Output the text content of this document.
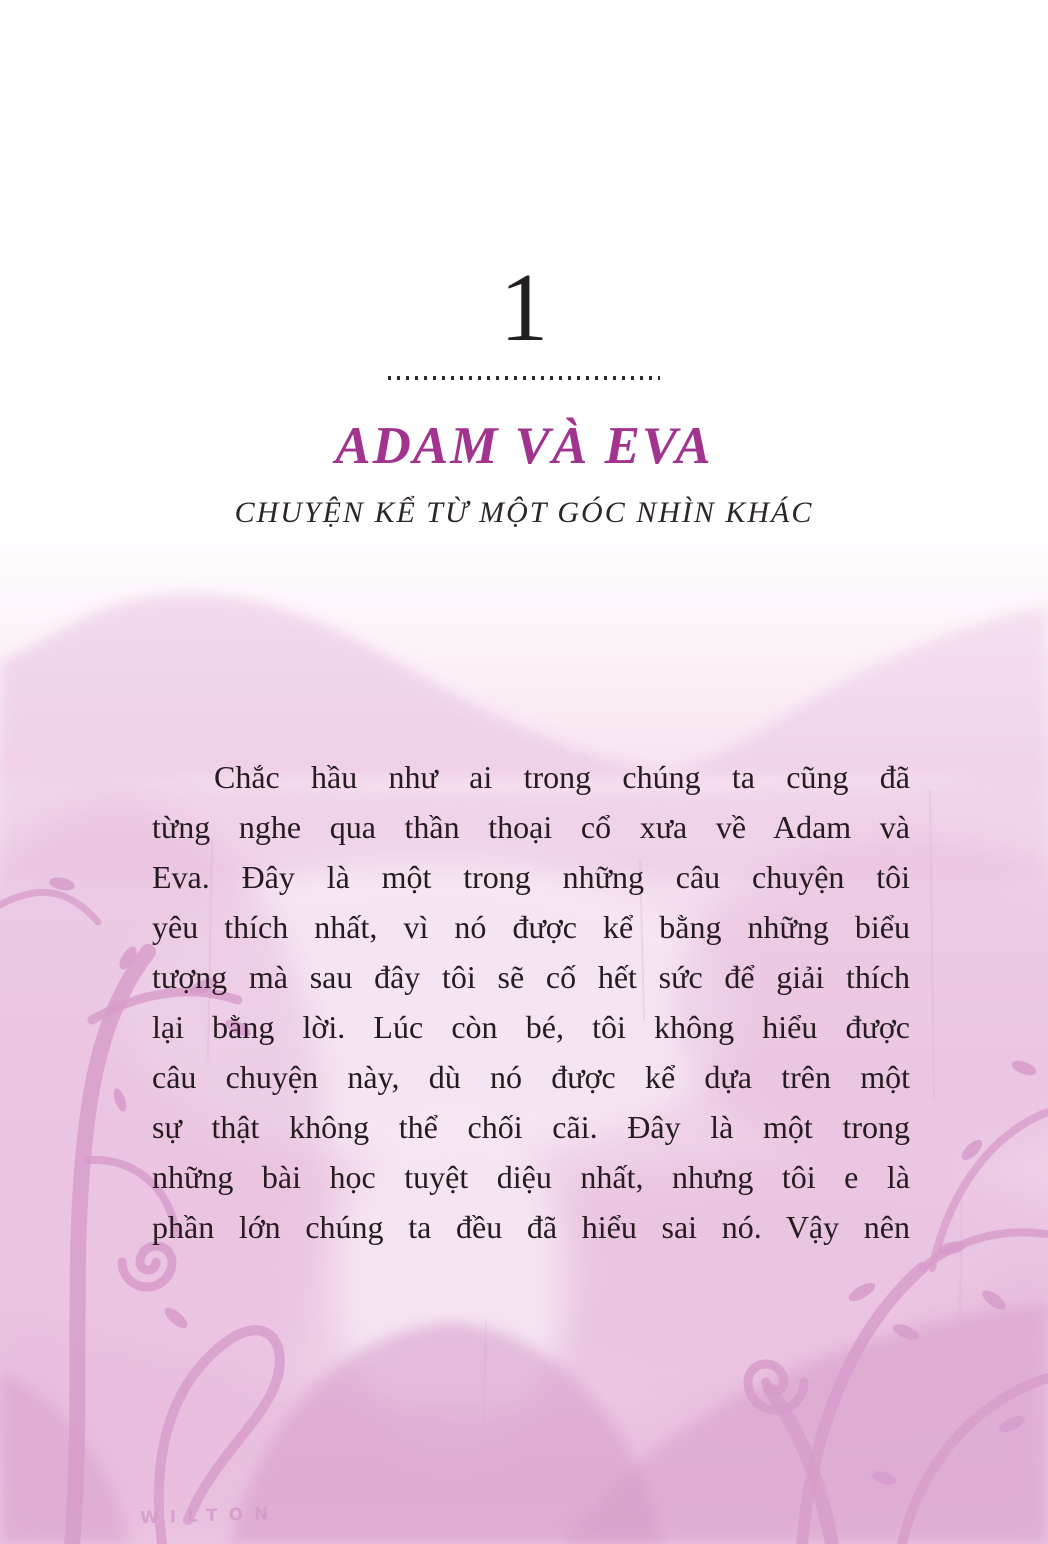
1
ADAM VÀ EVA
CHUYỆN KỂ TỪ MỘT GÓC NHÌN KHÁC
Chắc hầu như ai trong chúng ta cũng đã
từng nghe qua thần thoại cổ xưa về Adam và
Eva. Đây là một trong những câu chuyện tôi
yêu thích nhất, vì nó được kể bằng những biểu
tượng mà sau đây tôi sẽ cố hết sức để giải thích
lại bằng lời. Lúc còn bé, tôi không hiểu được
câu chuyện này, dù nó được kể dựa trên một
sự thật không thể chối cãi. Đây là một trong
những bài học tuyệt diệu nhất, nhưng tôi e là
phần lớn chúng ta đều đã hiểu sai nó. Vậy nên
WILTON
